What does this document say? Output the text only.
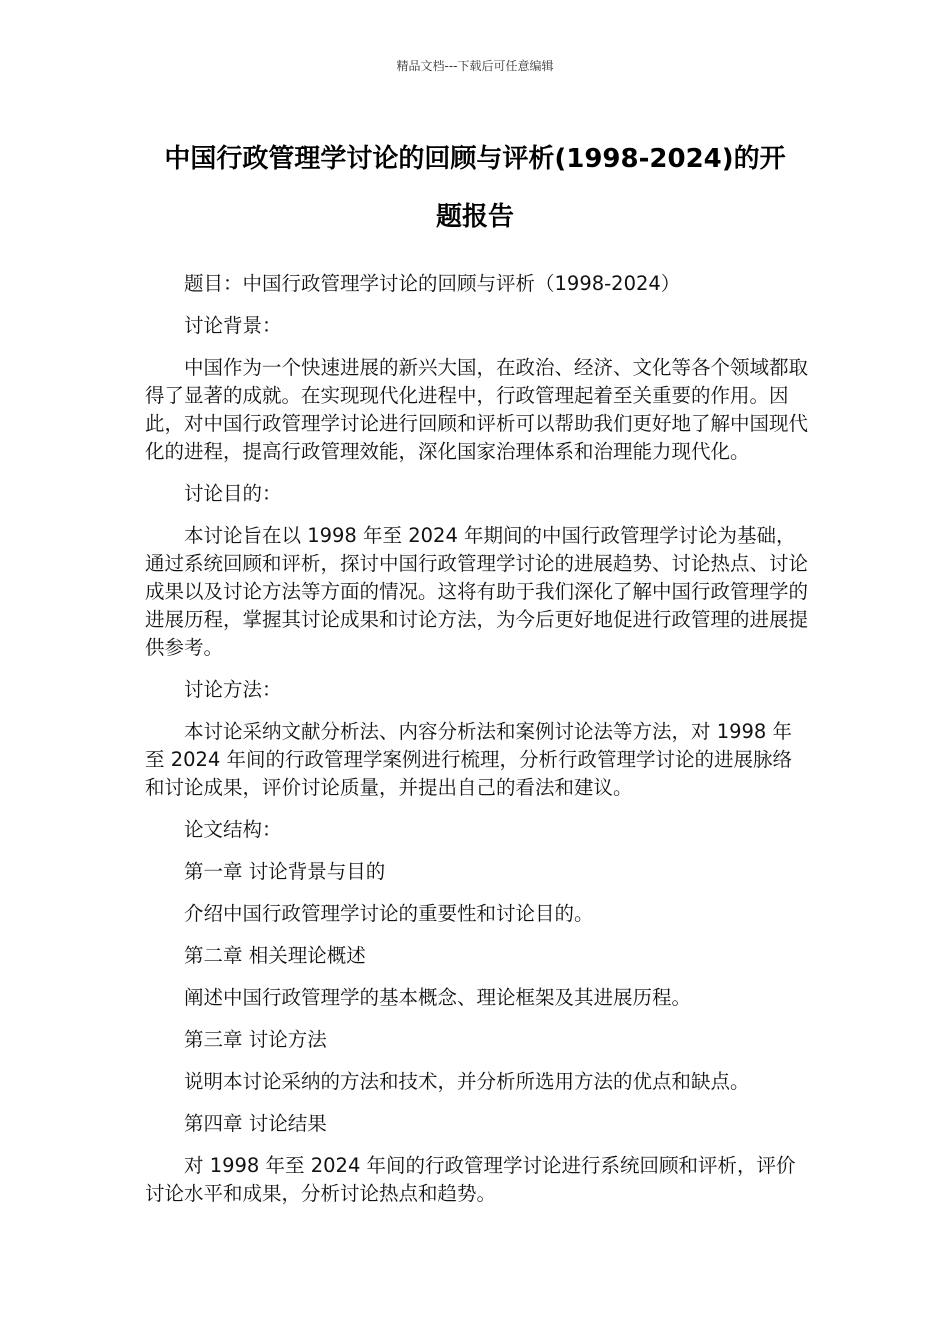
精品文档---下载后可任意编辑
中国行政管理学讨论的回顾与评析(1998-2024)的开
题报告

题目：中国行政管理学讨论的回顾与评析（1998-2024）

讨论背景：

中国作为一个快速进展的新兴大国，在政治、经济、文化等各个领域都取得了显著的成就。在实现现代化进程中，行政管理起着至关重要的作用。因此，对中国行政管理学讨论进行回顾和评析可以帮助我们更好地了解中国现代化的进程，提高行政管理效能，深化国家治理体系和治理能力现代化。

讨论目的：

本讨论旨在以 1998 年至 2024 年期间的中国行政管理学讨论为基础，通过系统回顾和评析，探讨中国行政管理学讨论的进展趋势、讨论热点、讨论成果以及讨论方法等方面的情况。这将有助于我们深化了解中国行政管理学的进展历程，掌握其讨论成果和讨论方法，为今后更好地促进行政管理的进展提供参考。

讨论方法：

本讨论采纳文献分析法、内容分析法和案例讨论法等方法，对 1998 年至 2024 年间的行政管理学案例进行梳理，分析行政管理学讨论的进展脉络和讨论成果，评价讨论质量，并提出自己的看法和建议。

论文结构：

第一章 讨论背景与目的

介绍中国行政管理学讨论的重要性和讨论目的。

第二章 相关理论概述

阐述中国行政管理学的基本概念、理论框架及其进展历程。

第三章 讨论方法

说明本讨论采纳的方法和技术，并分析所选用方法的优点和缺点。

第四章 讨论结果

对 1998 年至 2024 年间的行政管理学讨论进行系统回顾和评析，评价讨论水平和成果，分析讨论热点和趋势。
